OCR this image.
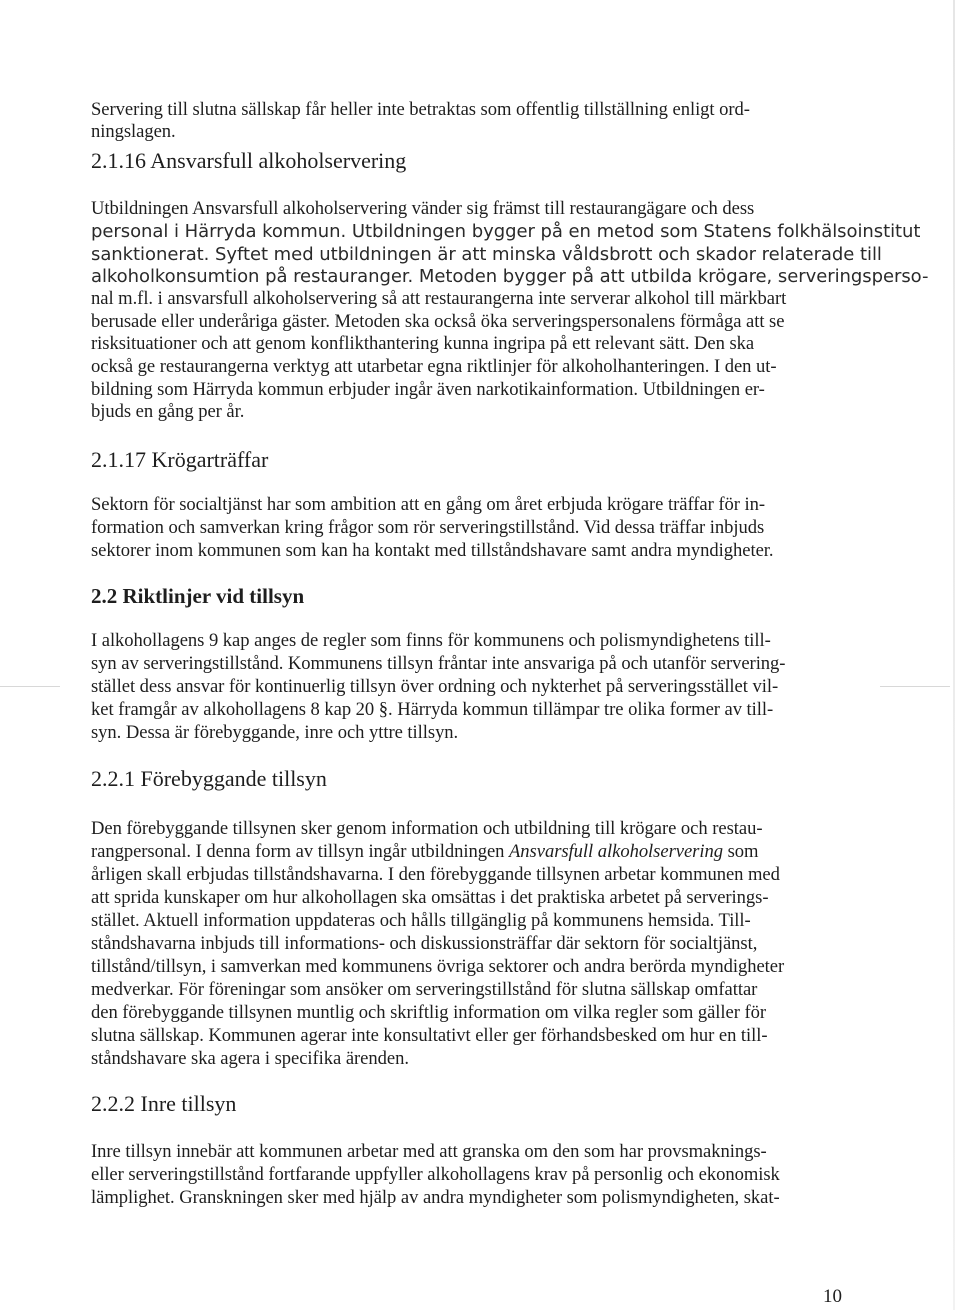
Servering till slutna sällskap får heller inte betraktas som offentlig tillställning enligt ord-

ningslagen.

2.1.16 Ansvarsfull alkoholservering

Utbildningen Ansvarsfull alkoholservering vänder sig främst till restaurangägare och dess

personal i Härryda kommun. Utbildningen bygger på en metod som Statens folkhälsoinstitut

sanktionerat. Syftet med utbildningen är att minska våldsbrott och skador relaterade till

alkoholkonsumtion på restauranger. Metoden bygger på att utbilda krögare, serveringsperso-

nal m.fl. i ansvarsfull alkoholservering så att restaurangerna inte serverar alkohol till märkbart

berusade eller underåriga gäster. Metoden ska också öka serveringspersonalens förmåga att se

risksituationer och att genom konflikthantering kunna ingripa på ett relevant sätt. Den ska

också ge restaurangerna verktyg att utarbetar egna riktlinjer för alkoholhanteringen. I den ut-

bildning som Härryda kommun erbjuder ingår även narkotikainformation. Utbildningen er-

bjuds en gång per år.

2.1.17 Krögarträffar

Sektorn för socialtjänst har som ambition att en gång om året erbjuda krögare träffar för in-

formation och samverkan kring frågor som rör serveringstillstånd. Vid dessa träffar inbjuds

sektorer inom kommunen som kan ha kontakt med tillståndshavare samt andra myndigheter.

2.2 Riktlinjer vid tillsyn

I alkohollagens 9 kap anges de regler som finns för kommunens och polismyndighetens till-

syn av serveringstillstånd. Kommunens tillsyn fråntar inte ansvariga på och utanför servering-

stället dess ansvar för kontinuerlig tillsyn över ordning och nykterhet på serveringsstället vil-

ket framgår av alkohollagens 8 kap 20 §. Härryda kommun tillämpar tre olika former av till-

syn. Dessa är förebyggande, inre och yttre tillsyn.

2.2.1 Förebyggande tillsyn

Den förebyggande tillsynen sker genom information och utbildning till krögare och restau-

rangpersonal. I denna form av tillsyn ingår utbildningen Ansvarsfull alkoholservering som

årligen skall erbjudas tillståndshavarna. I den förebyggande tillsynen arbetar kommunen med

att sprida kunskaper om hur alkohollagen ska omsättas i det praktiska arbetet på serverings-

stället. Aktuell information uppdateras och hålls tillgänglig på kommunens hemsida. Till-

ståndshavarna inbjuds till informations- och diskussionsträffar där sektorn för socialtjänst,

tillstånd/tillsyn, i samverkan med kommunens övriga sektorer och andra berörda myndigheter

medverkar. För föreningar som ansöker om serveringstillstånd för slutna sällskap omfattar

den förebyggande tillsynen muntlig och skriftlig information om vilka regler som gäller för

slutna sällskap. Kommunen agerar inte konsultativt eller ger förhandsbesked om hur en till-

ståndshavare ska agera i specifika ärenden.

2.2.2 Inre tillsyn

Inre tillsyn innebär att kommunen arbetar med att granska om den som har provsmaknings-

eller serveringstillstånd fortfarande uppfyller alkohollagens krav på personlig och ekonomisk

lämplighet. Granskningen sker med hjälp av andra myndigheter som polismyndigheten, skat-

10
